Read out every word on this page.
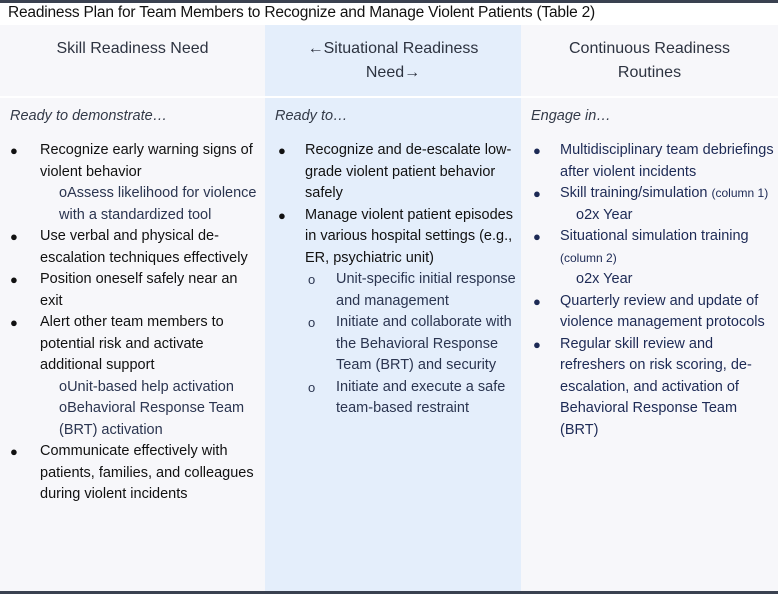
Readiness Plan for Team Members to Recognize and Manage Violent Patients (Table 2)
Skill Readiness Need
Ready to demonstrate…
● Recognize early warning signs of violent behavior
oAssess likelihood for violence with a standardized tool
● Use verbal and physical de-escalation techniques effectively
● Position oneself safely near an exit
● Alert other team members to potential risk and activate additional support
oUnit-based help activation
oBehavioral Response Team (BRT) activation
● Communicate effectively with patients, families, and colleagues during violent incidents
←Situational Readiness Need→
Ready to…
● Recognize and de-escalate low-grade violent patient behavior safely
● Manage violent patient episodes in various hospital settings (e.g., ER, psychiatric unit)
o Unit-specific initial response and management
o Initiate and collaborate with the Behavioral Response Team (BRT) and security
o Initiate and execute a safe team-based restraint
Continuous Readiness Routines
Engage in…
● Multidisciplinary team debriefings after violent incidents
● Skill training/simulation (column 1)
o2x Year
● Situational simulation training (column 2)
o2x Year
● Quarterly review and update of violence management protocols
● Regular skill review and refreshers on risk scoring, de-escalation, and activation of Behavioral Response Team (BRT)
